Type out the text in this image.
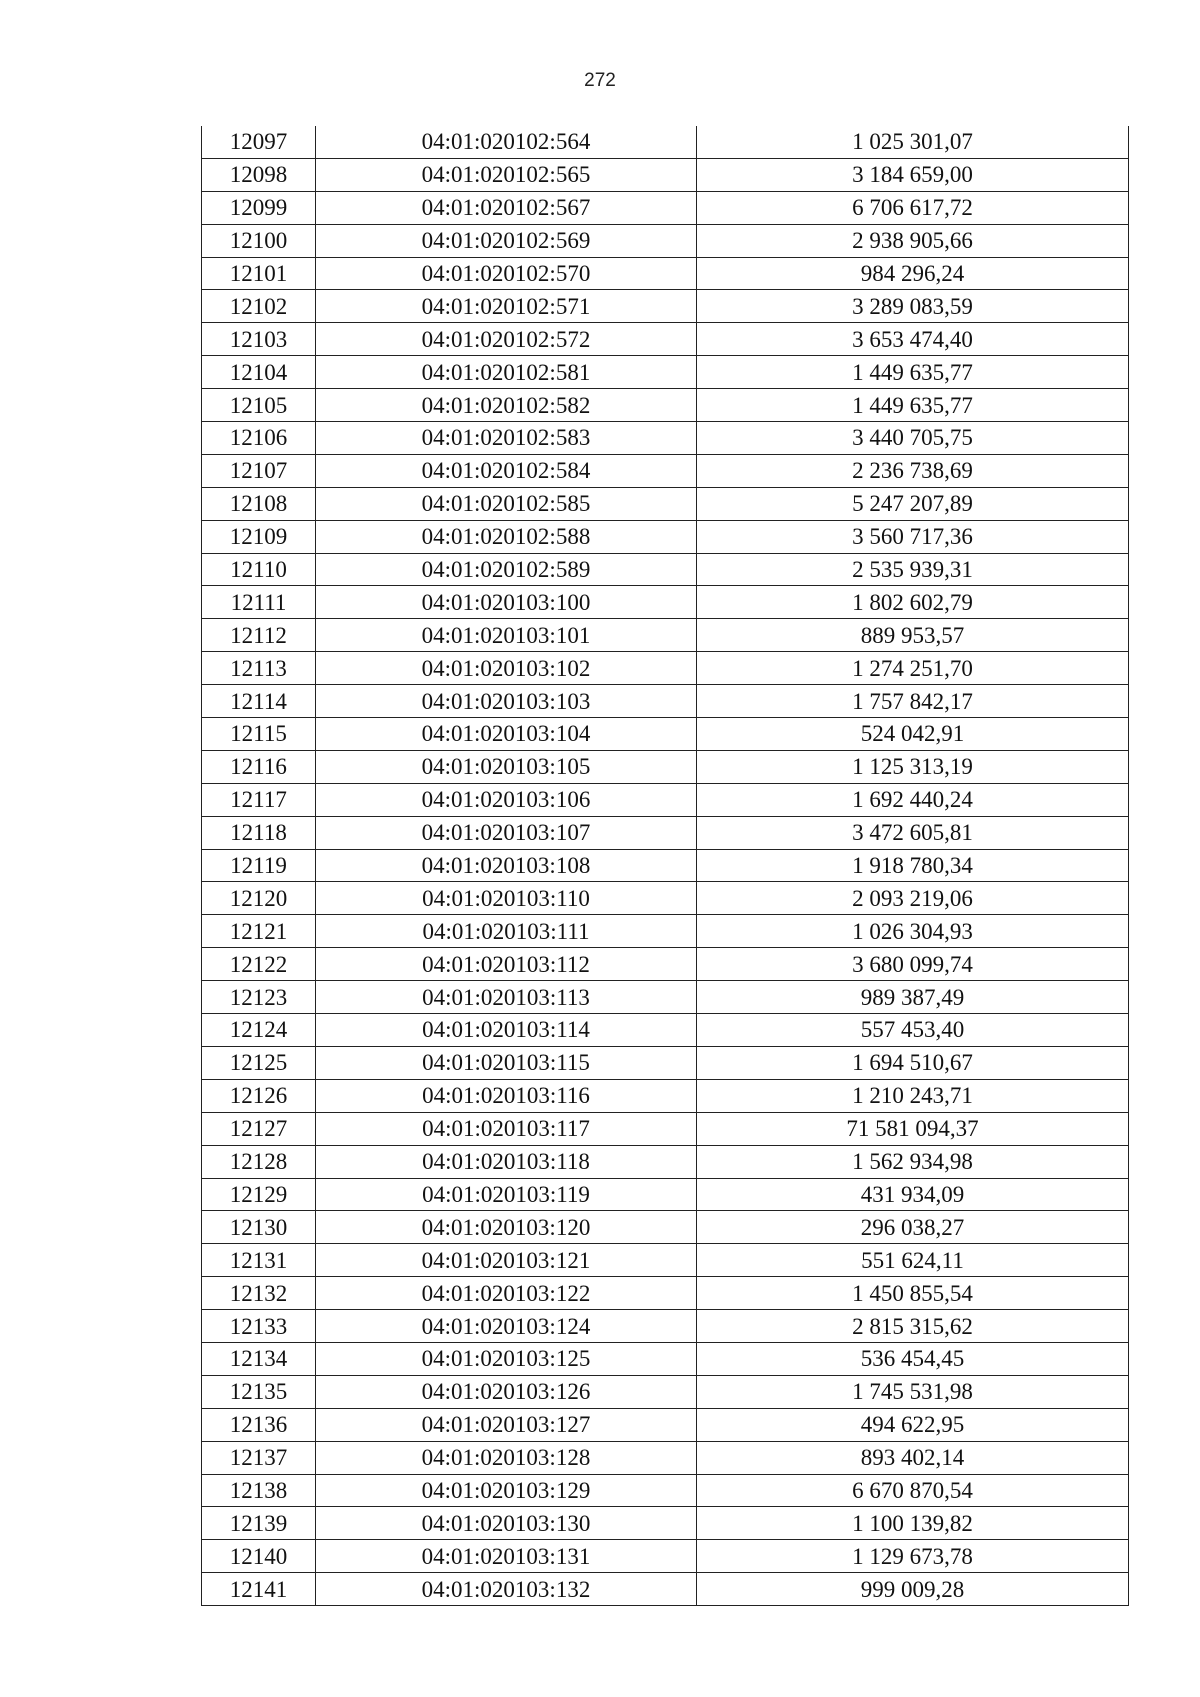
272
12097	04:01:020102:564	1 025 301,07
12098	04:01:020102:565	3 184 659,00
12099	04:01:020102:567	6 706 617,72
12100	04:01:020102:569	2 938 905,66
12101	04:01:020102:570	984 296,24
12102	04:01:020102:571	3 289 083,59
12103	04:01:020102:572	3 653 474,40
12104	04:01:020102:581	1 449 635,77
12105	04:01:020102:582	1 449 635,77
12106	04:01:020102:583	3 440 705,75
12107	04:01:020102:584	2 236 738,69
12108	04:01:020102:585	5 247 207,89
12109	04:01:020102:588	3 560 717,36
12110	04:01:020102:589	2 535 939,31
12111	04:01:020103:100	1 802 602,79
12112	04:01:020103:101	889 953,57
12113	04:01:020103:102	1 274 251,70
12114	04:01:020103:103	1 757 842,17
12115	04:01:020103:104	524 042,91
12116	04:01:020103:105	1 125 313,19
12117	04:01:020103:106	1 692 440,24
12118	04:01:020103:107	3 472 605,81
12119	04:01:020103:108	1 918 780,34
12120	04:01:020103:110	2 093 219,06
12121	04:01:020103:111	1 026 304,93
12122	04:01:020103:112	3 680 099,74
12123	04:01:020103:113	989 387,49
12124	04:01:020103:114	557 453,40
12125	04:01:020103:115	1 694 510,67
12126	04:01:020103:116	1 210 243,71
12127	04:01:020103:117	71 581 094,37
12128	04:01:020103:118	1 562 934,98
12129	04:01:020103:119	431 934,09
12130	04:01:020103:120	296 038,27
12131	04:01:020103:121	551 624,11
12132	04:01:020103:122	1 450 855,54
12133	04:01:020103:124	2 815 315,62
12134	04:01:020103:125	536 454,45
12135	04:01:020103:126	1 745 531,98
12136	04:01:020103:127	494 622,95
12137	04:01:020103:128	893 402,14
12138	04:01:020103:129	6 670 870,54
12139	04:01:020103:130	1 100 139,82
12140	04:01:020103:131	1 129 673,78
12141	04:01:020103:132	999 009,28
